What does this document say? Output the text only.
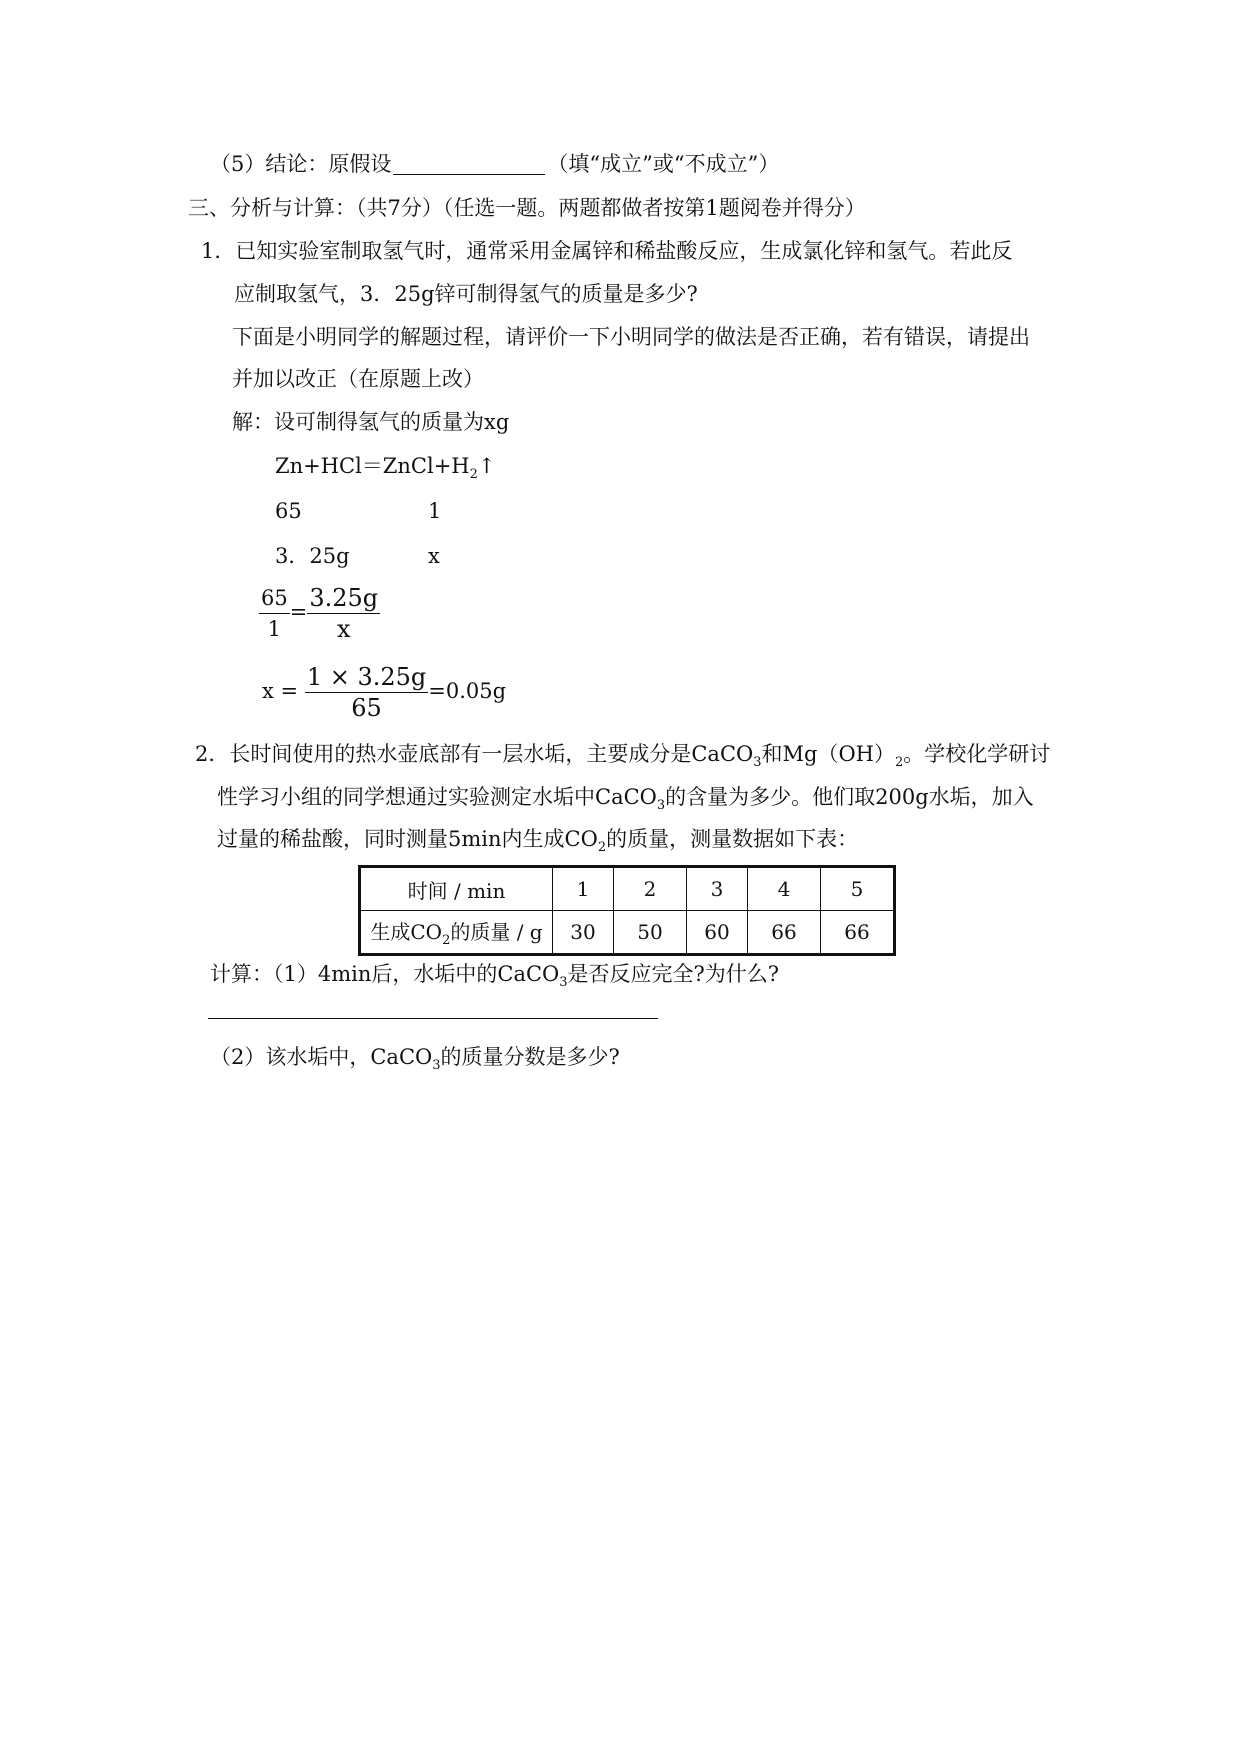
（5）结论：原假设	（填“成立”或“不成立”）
三、分析与计算：（共7分）（任选一题。两题都做者按第1题阅卷并得分）
1．已知实验室制取氢气时，通常采用金属锌和稀盐酸反应，生成氯化锌和氢气。若此反
应制取氢气，3．25g锌可制得氢气的质量是多少?
下面是小明同学的解题过程，请评价一下小明同学的做法是否正确，若有错误，请提出
并加以改正（在原题上改）
解：设可制得氢气的质量为xg
$Zn+HCl=ZnCl+H_2↑$
65	1
3．25g	x
$\frac{65}{1} = \frac{3.25g}{x}$
$x = \frac{1 \times 3.25g}{65} =0.05g$
2．长时间使用的热水壶底部有一层水垢，主要成分是CaCO$_3$和$Mg(OH)_2$。学校化学研讨
性学习小组的同学想通过实验测定水垢中CaCO$_3$的含量为多少。他们取200g水垢，加入
过量的稀盐酸，同时测量5min内生成$CO_2$的质量，测量数据如下表：
时间 / min	1	2	3	4	5
生成$CO_2$的质量 / g	30	50	60	66	66
计算：（1）4min后，水垢中的CaCO$_3$是否反应完全?为什么?
（2）该水垢中，CaCO$_3$的质量分数是多少?
